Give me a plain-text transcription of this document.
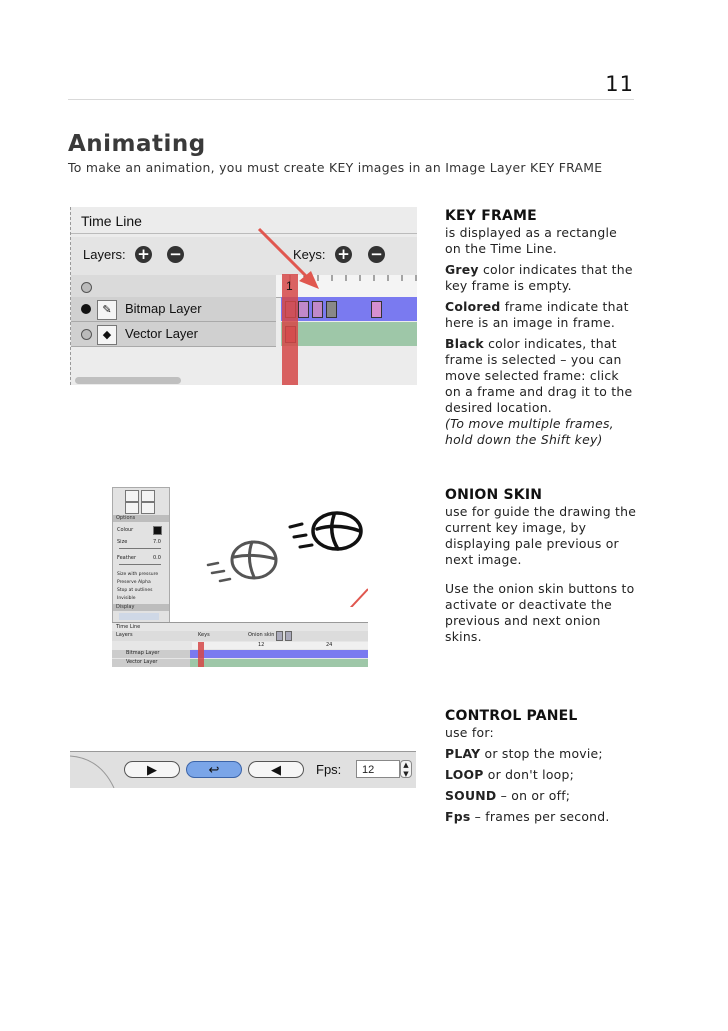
11
Animating
To make an animation, you must create KEY images in an Image Layer KEY FRAME
Time Line
Layers: + −	Keys: + −
✎	Bitmap Layer
◆	Vector Layer
1

KEY FRAME

is displayed as a rectangle on the Time Line.

Grey color indicates that the key frame is empty.

Colored frame indicate that here is an image in frame.

Black color indicates, that frame is selected – you can move selected frame: click on a frame and drag it to the desired location.

(To move multiple frames, hold down the Shift key)

Options
Colour
Size	7.0
Feather	0.0
Size with pressure
Preserve Alpha
Stop at outlines
Invisible
Display
Time Line
Layers	Keys	Onion skin
12	24
Bitmap Layer
Vector Layer

ONION SKIN

use for guide the drawing the current key image, by displaying pale previous or next image.

Use the onion skin buttons to activate or deactivate the previous and next onion skins.

▶	↩	◀	Fps:	12	▲
▼

CONTROL PANEL

use for:

PLAY or stop the movie;

LOOP or don't loop;

SOUND – on or off;

Fps – frames per second.
